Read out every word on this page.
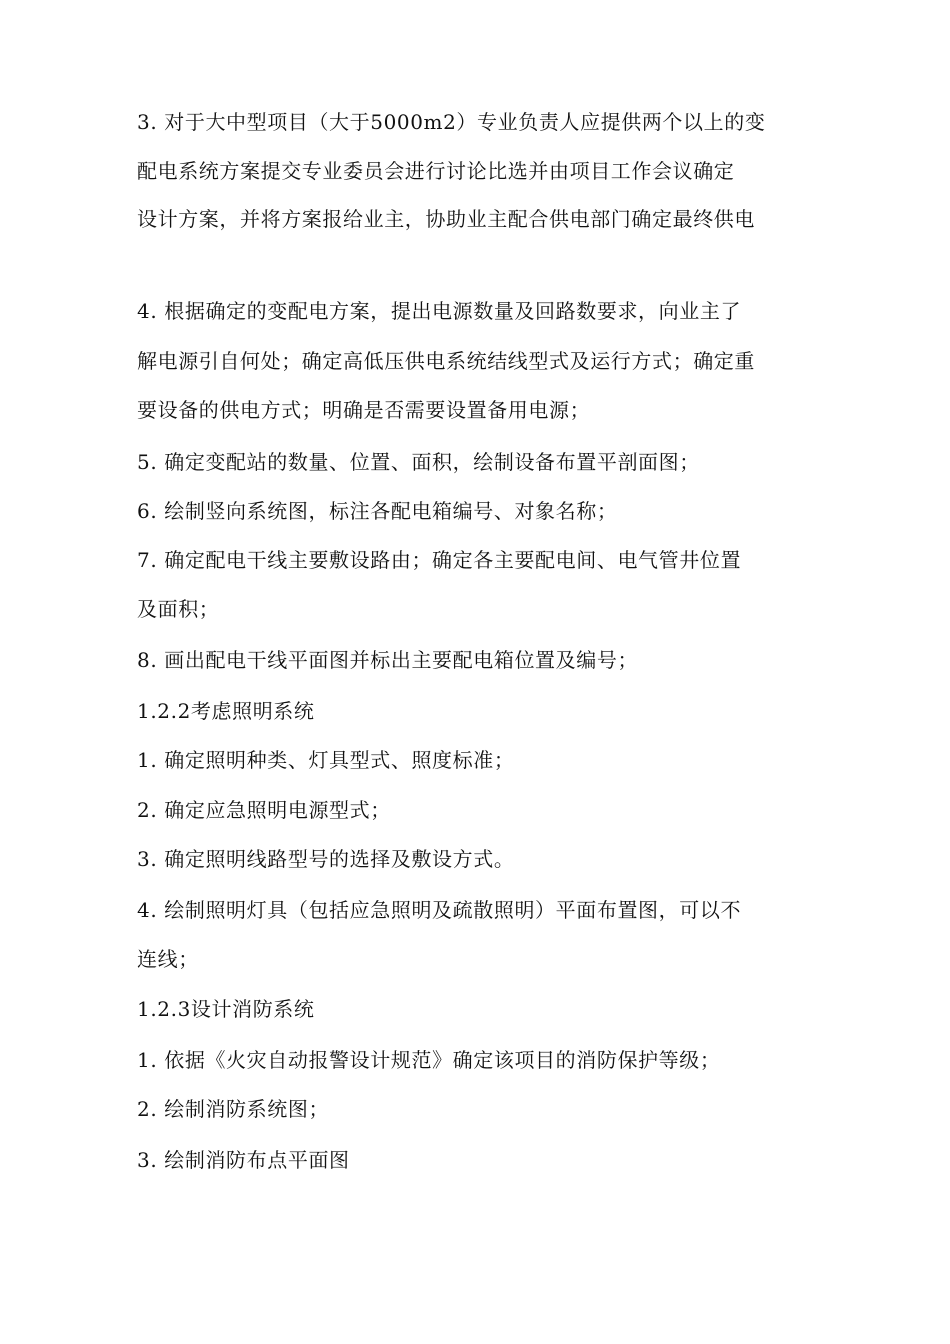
3. 对于大中型项目（大于5000m2）专业负责人应提供两个以上的变
配电系统方案提交专业委员会进行讨论比选并由项目工作会议确定
设计方案，并将方案报给业主，协助业主配合供电部门确定最终供电
4. 根据确定的变配电方案，提出电源数量及回路数要求，向业主了
解电源引自何处；确定高低压供电系统结线型式及运行方式；确定重
要设备的供电方式；明确是否需要设置备用电源；
5. 确定变配站的数量、位置、面积，绘制设备布置平剖面图；
6. 绘制竖向系统图，标注各配电箱编号、对象名称；
7. 确定配电干线主要敷设路由；确定各主要配电间、电气管井位置
及面积；
8. 画出配电干线平面图并标出主要配电箱位置及编号；
1.2.2考虑照明系统
1. 确定照明种类、灯具型式、照度标准；
2. 确定应急照明电源型式；
3. 确定照明线路型号的选择及敷设方式。
4. 绘制照明灯具（包括应急照明及疏散照明）平面布置图，可以不
连线；
1.2.3设计消防系统
1. 依据《火灾自动报警设计规范》确定该项目的消防保护等级；
2. 绘制消防系统图；
3. 绘制消防布点平面图
